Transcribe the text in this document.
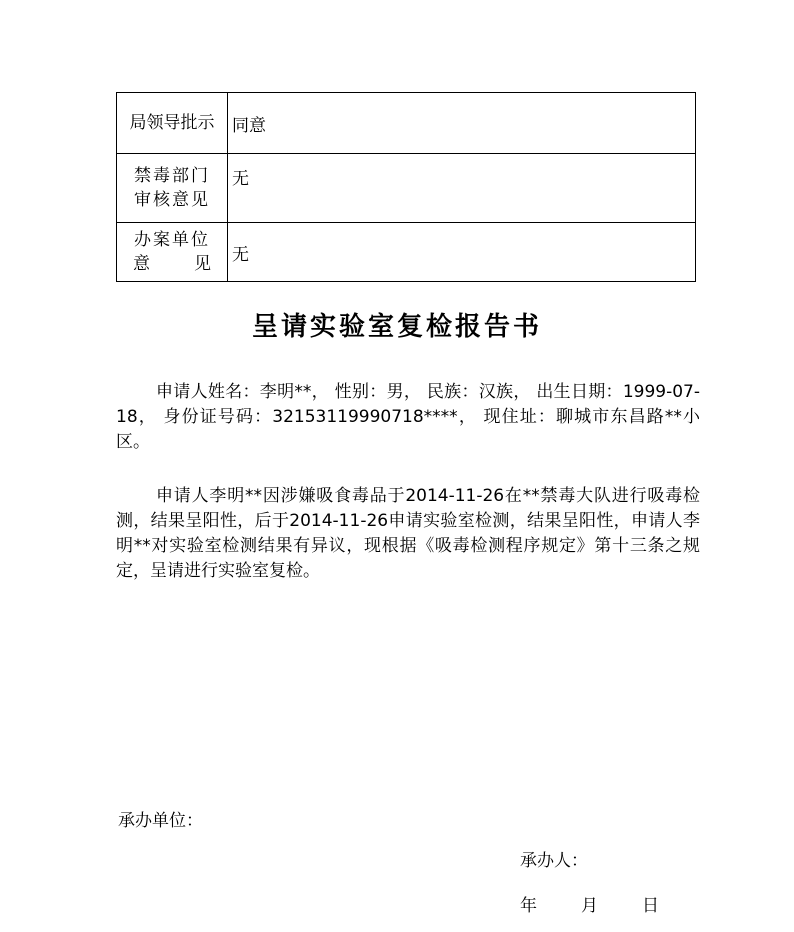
局领导批示	同意

禁毒部门
审核意见	无

办案单位
意 见	无
呈请实验室复检报告书

申请人姓名：李明**， 性别：男， 民族：汉族， 出生日期：1999-07-18， 身份证号码：32153119990718****， 现住址：聊城市东昌路**小区。

申请人李明**因涉嫌吸食毒品于2014-11-26在**禁毒大队进行吸毒检测，结果呈阳性，后于2014-11-26申请实验室检测，结果呈阳性，申请人李明**对实验室检测结果有异议，现根据《吸毒检测程序规定》第十三条之规定，呈请进行实验室复检。

承办单位：

承办人：

年	月	日
